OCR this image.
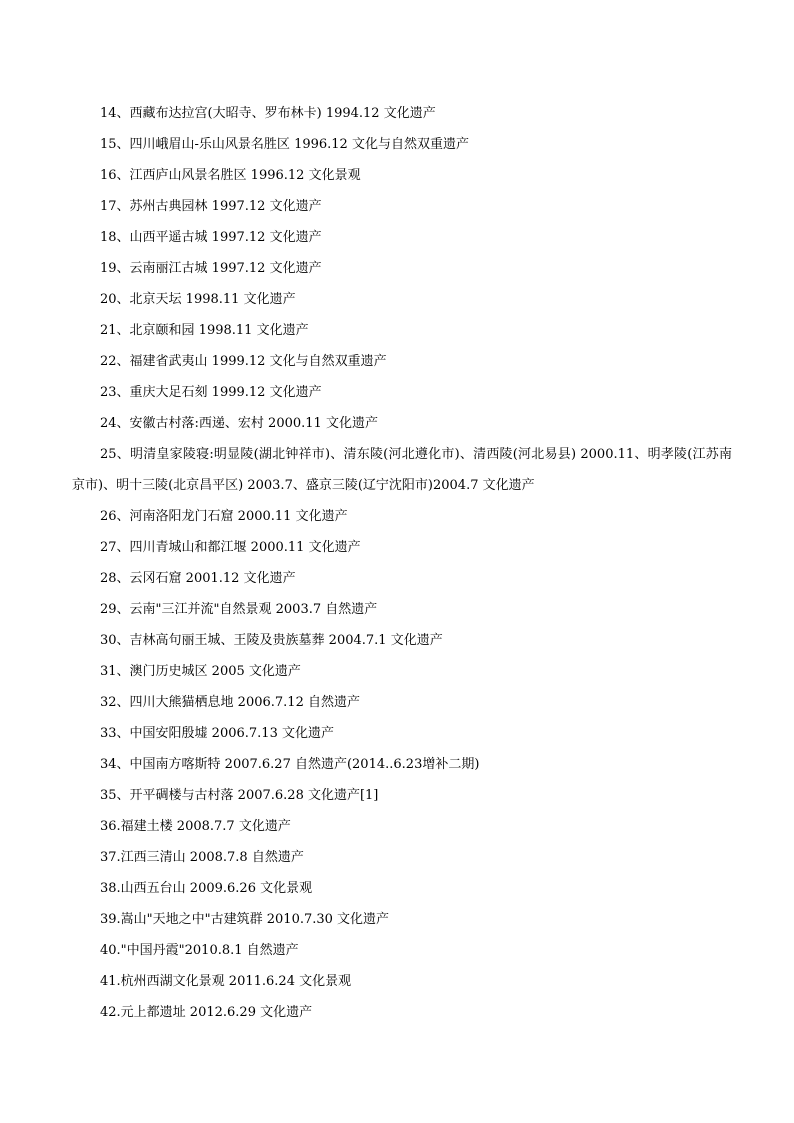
14、西藏布达拉宫(大昭寺、罗布林卡) 1994.12 文化遗产
15、四川峨眉山-乐山风景名胜区 1996.12 文化与自然双重遗产
16、江西庐山风景名胜区 1996.12 文化景观
17、苏州古典园林 1997.12 文化遗产
18、山西平遥古城 1997.12 文化遗产
19、云南丽江古城 1997.12 文化遗产
20、北京天坛 1998.11 文化遗产
21、北京颐和园 1998.11 文化遗产
22、福建省武夷山 1999.12 文化与自然双重遗产
23、重庆大足石刻 1999.12 文化遗产
24、安徽古村落:西递、宏村 2000.11 文化遗产
25、明清皇家陵寝:明显陵(湖北钟祥市)、清东陵(河北遵化市)、清西陵(河北易县) 2000.11、明孝陵(江苏南京市)、明十三陵(北京昌平区) 2003.7、盛京三陵(辽宁沈阳市)2004.7 文化遗产
26、河南洛阳龙门石窟 2000.11 文化遗产
27、四川青城山和都江堰 2000.11 文化遗产
28、云冈石窟 2001.12 文化遗产
29、云南"三江并流"自然景观 2003.7 自然遗产
30、吉林高句丽王城、王陵及贵族墓葬 2004.7.1 文化遗产
31、澳门历史城区 2005 文化遗产
32、四川大熊猫栖息地 2006.7.12 自然遗产
33、中国安阳殷墟 2006.7.13 文化遗产
34、中国南方喀斯特 2007.6.27 自然遗产(2014..6.23增补二期)
35、开平碉楼与古村落 2007.6.28 文化遗产[1]
36.福建土楼 2008.7.7 文化遗产
37.江西三清山 2008.7.8 自然遗产
38.山西五台山 2009.6.26 文化景观
39.嵩山"天地之中"古建筑群 2010.7.30 文化遗产
40."中国丹霞"2010.8.1 自然遗产
41.杭州西湖文化景观 2011.6.24 文化景观
42.元上都遗址 2012.6.29 文化遗产
